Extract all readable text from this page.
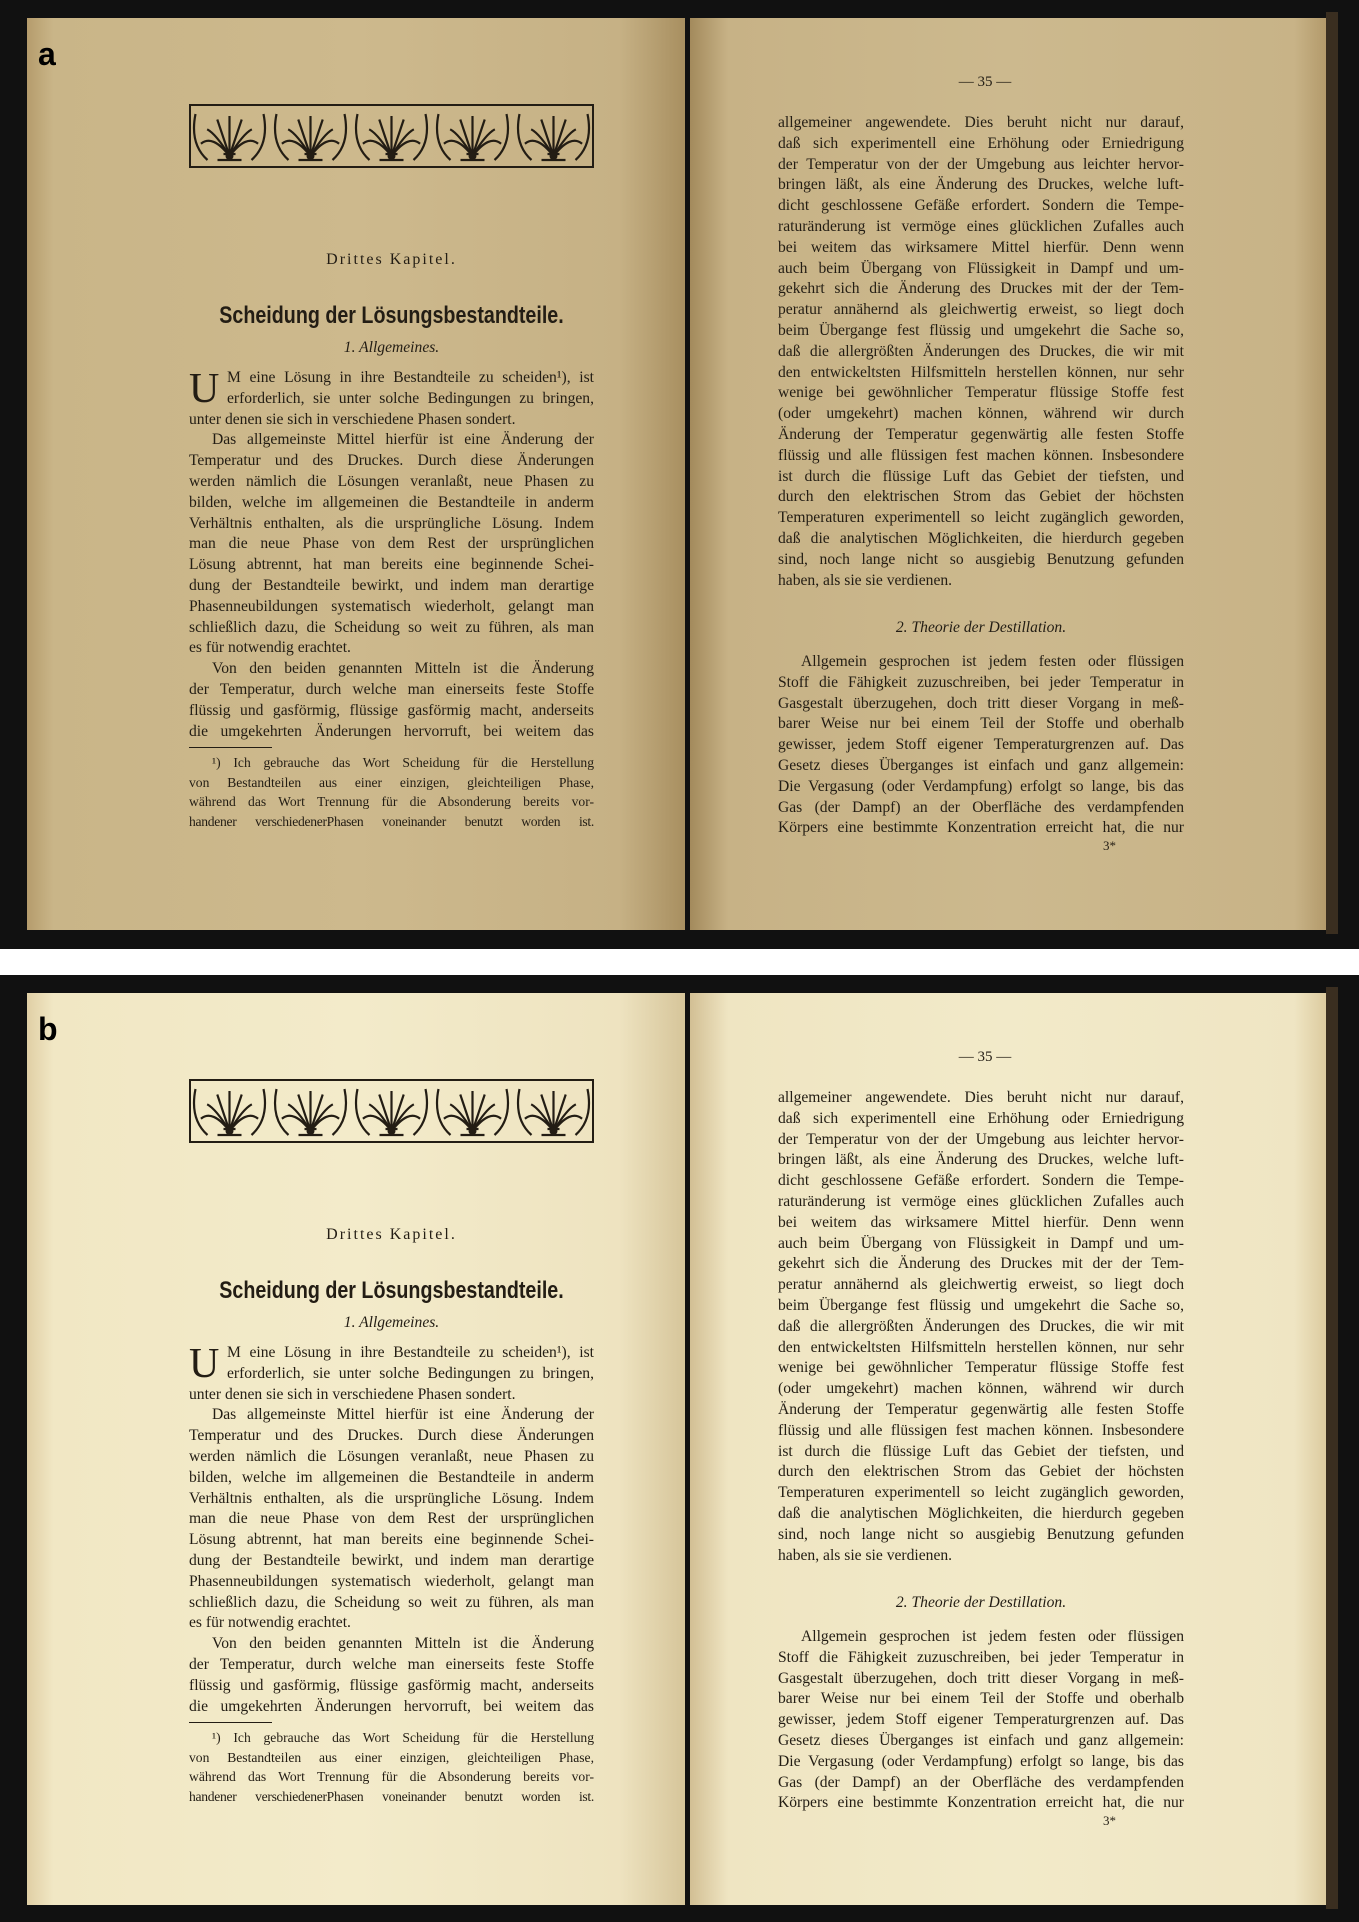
a
Drittes Kapitel.
Scheidung der Lösungsbestandteile.
1. Allgemeines.
M eine Lösung in ihre Bestandteile zu scheiden¹), ist
erforderlich, sie unter solche Bedingungen zu bringen,
unter denen sie sich in verschiedene Phasen sondert.
Das allgemeinste Mittel hierfür ist eine Änderung der
Temperatur und des Druckes. Durch diese Änderungen
werden nämlich die Lösungen veranlaßt, neue Phasen zu
bilden, welche im allgemeinen die Bestandteile in anderm
Verhältnis enthalten, als die ursprüngliche Lösung. Indem
man die neue Phase von dem Rest der ursprünglichen
Lösung abtrennt, hat man bereits eine beginnende Schei-
dung der Bestandteile bewirkt, und indem man derartige
Phasenneubildungen systematisch wiederholt, gelangt man
schließlich dazu, die Scheidung so weit zu führen, als man
es für notwendig erachtet.
Von den beiden genannten Mitteln ist die Änderung
der Temperatur, durch welche man einerseits feste Stoffe
flüssig und gasförmig, flüssige gasförmig macht, anderseits
die umgekehrten Änderungen hervorruft, bei weitem das
U
¹) Ich gebrauche das Wort Scheidung für die Herstellung
von Bestandteilen aus einer einzigen, gleichteiligen Phase,
während das Wort Trennung für die Absonderung bereits vor-
handener verschiedenerPhasen voneinander benutzt worden ist.
— 35 —
allgemeiner angewendete. Dies beruht nicht nur darauf,
daß sich experimentell eine Erhöhung oder Erniedrigung
der Temperatur von der der Umgebung aus leichter hervor-
bringen läßt, als eine Änderung des Druckes, welche luft-
dicht geschlossene Gefäße erfordert. Sondern die Tempe-
raturänderung ist vermöge eines glücklichen Zufalles auch
bei weitem das wirksamere Mittel hierfür. Denn wenn
auch beim Übergang von Flüssigkeit in Dampf und um-
gekehrt sich die Änderung des Druckes mit der der Tem-
peratur annähernd als gleichwertig erweist, so liegt doch
beim Übergange fest flüssig und umgekehrt die Sache so,
daß die allergrößten Änderungen des Druckes, die wir mit
den entwickeltsten Hilfsmitteln herstellen können, nur sehr
wenige bei gewöhnlicher Temperatur flüssige Stoffe fest
(oder umgekehrt) machen können, während wir durch
Änderung der Temperatur gegenwärtig alle festen Stoffe
flüssig und alle flüssigen fest machen können. Insbesondere
ist durch die flüssige Luft das Gebiet der tiefsten, und
durch den elektrischen Strom das Gebiet der höchsten
Temperaturen experimentell so leicht zugänglich geworden,
daß die analytischen Möglichkeiten, die hierdurch gegeben
sind, noch lange nicht so ausgiebig Benutzung gefunden
haben, als sie sie verdienen.
2. Theorie der Destillation.
Allgemein gesprochen ist jedem festen oder flüssigen
Stoff die Fähigkeit zuzuschreiben, bei jeder Temperatur in
Gasgestalt überzugehen, doch tritt dieser Vorgang in meß-
barer Weise nur bei einem Teil der Stoffe und oberhalb
gewisser, jedem Stoff eigener Temperaturgrenzen auf. Das
Gesetz dieses Überganges ist einfach und ganz allgemein:
Die Vergasung (oder Verdampfung) erfolgt so lange, bis das
Gas (der Dampf) an der Oberfläche des verdampfenden
Körpers eine bestimmte Konzentration erreicht hat, die nur
3*
b
Drittes Kapitel.
Scheidung der Lösungsbestandteile.
1. Allgemeines.
M eine Lösung in ihre Bestandteile zu scheiden¹), ist
erforderlich, sie unter solche Bedingungen zu bringen,
unter denen sie sich in verschiedene Phasen sondert.
Das allgemeinste Mittel hierfür ist eine Änderung der
Temperatur und des Druckes. Durch diese Änderungen
werden nämlich die Lösungen veranlaßt, neue Phasen zu
bilden, welche im allgemeinen die Bestandteile in anderm
Verhältnis enthalten, als die ursprüngliche Lösung. Indem
man die neue Phase von dem Rest der ursprünglichen
Lösung abtrennt, hat man bereits eine beginnende Schei-
dung der Bestandteile bewirkt, und indem man derartige
Phasenneubildungen systematisch wiederholt, gelangt man
schließlich dazu, die Scheidung so weit zu führen, als man
es für notwendig erachtet.
Von den beiden genannten Mitteln ist die Änderung
der Temperatur, durch welche man einerseits feste Stoffe
flüssig und gasförmig, flüssige gasförmig macht, anderseits
die umgekehrten Änderungen hervorruft, bei weitem das
U
¹) Ich gebrauche das Wort Scheidung für die Herstellung
von Bestandteilen aus einer einzigen, gleichteiligen Phase,
während das Wort Trennung für die Absonderung bereits vor-
handener verschiedenerPhasen voneinander benutzt worden ist.
— 35 —
allgemeiner angewendete. Dies beruht nicht nur darauf,
daß sich experimentell eine Erhöhung oder Erniedrigung
der Temperatur von der der Umgebung aus leichter hervor-
bringen läßt, als eine Änderung des Druckes, welche luft-
dicht geschlossene Gefäße erfordert. Sondern die Tempe-
raturänderung ist vermöge eines glücklichen Zufalles auch
bei weitem das wirksamere Mittel hierfür. Denn wenn
auch beim Übergang von Flüssigkeit in Dampf und um-
gekehrt sich die Änderung des Druckes mit der der Tem-
peratur annähernd als gleichwertig erweist, so liegt doch
beim Übergange fest flüssig und umgekehrt die Sache so,
daß die allergrößten Änderungen des Druckes, die wir mit
den entwickeltsten Hilfsmitteln herstellen können, nur sehr
wenige bei gewöhnlicher Temperatur flüssige Stoffe fest
(oder umgekehrt) machen können, während wir durch
Änderung der Temperatur gegenwärtig alle festen Stoffe
flüssig und alle flüssigen fest machen können. Insbesondere
ist durch die flüssige Luft das Gebiet der tiefsten, und
durch den elektrischen Strom das Gebiet der höchsten
Temperaturen experimentell so leicht zugänglich geworden,
daß die analytischen Möglichkeiten, die hierdurch gegeben
sind, noch lange nicht so ausgiebig Benutzung gefunden
haben, als sie sie verdienen.
2. Theorie der Destillation.
Allgemein gesprochen ist jedem festen oder flüssigen
Stoff die Fähigkeit zuzuschreiben, bei jeder Temperatur in
Gasgestalt überzugehen, doch tritt dieser Vorgang in meß-
barer Weise nur bei einem Teil der Stoffe und oberhalb
gewisser, jedem Stoff eigener Temperaturgrenzen auf. Das
Gesetz dieses Überganges ist einfach und ganz allgemein:
Die Vergasung (oder Verdampfung) erfolgt so lange, bis das
Gas (der Dampf) an der Oberfläche des verdampfenden
Körpers eine bestimmte Konzentration erreicht hat, die nur
3*
